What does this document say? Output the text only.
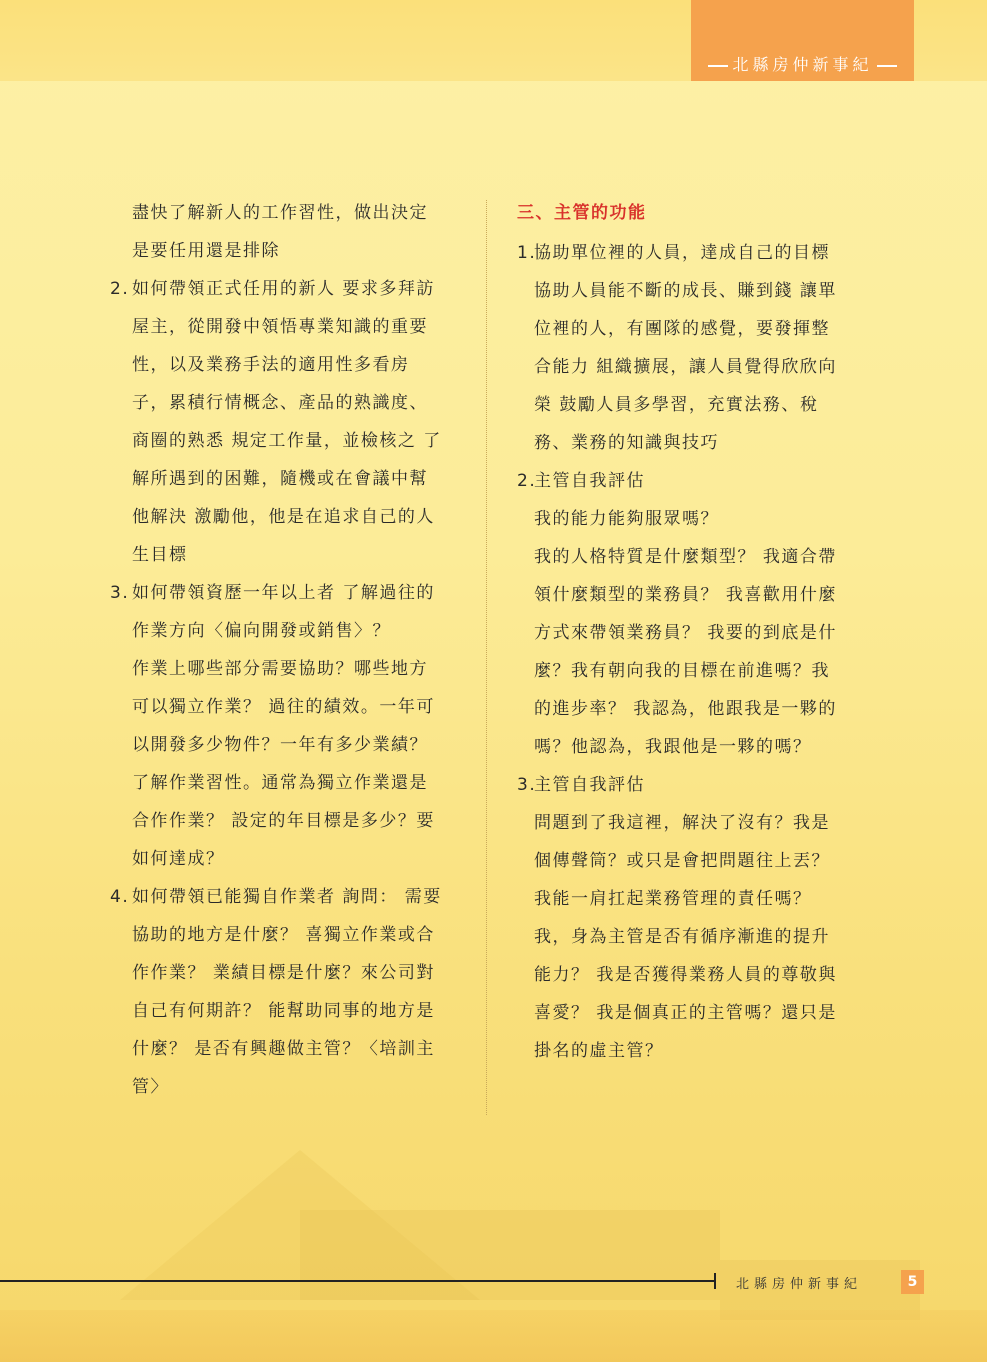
北縣房仲新事紀
盡快了解新人的工作習性，做出決定
是要任用還是排除
2. 如何帶領正式任用的新人 要求多拜訪
屋主，從開發中領悟專業知識的重要
性，以及業務手法的適用性多看房
子，累積行情概念、產品的熟識度、
商圈的熟悉 規定工作量，並檢核之 了
解所遇到的困難，隨機或在會議中幫
他解決 激勵他，他是在追求自己的人
生目標
3. 如何帶領資歷一年以上者 了解過往的
作業方向〈偏向開發或銷售〉？
作業上哪些部分需要協助？哪些地方
可以獨立作業？ 過往的績效。一年可
以開發多少物件？一年有多少業績？
了解作業習性。通常為獨立作業還是
合作作業？ 設定的年目標是多少？要
如何達成？
4. 如何帶領已能獨自作業者 詢問： 需要
協助的地方是什麼？ 喜獨立作業或合
作作業？ 業績目標是什麼？來公司對
自己有何期許？ 能幫助同事的地方是
什麼？ 是否有興趣做主管？〈培訓主
管〉
三、主管的功能
1.協助單位裡的人員，達成自己的目標
協助人員能不斷的成長、賺到錢 讓單
位裡的人，有團隊的感覺，要發揮整
合能力 組織擴展，讓人員覺得欣欣向
榮 鼓勵人員多學習，充實法務、稅
務、業務的知識與技巧
2.主管自我評估
我的能力能夠服眾嗎？
我的人格特質是什麼類型？ 我適合帶
領什麼類型的業務員？ 我喜歡用什麼
方式來帶領業務員？ 我要的到底是什
麼？我有朝向我的目標在前進嗎？我
的進步率？ 我認為，他跟我是一夥的
嗎？他認為，我跟他是一夥的嗎？
3.主管自我評估
問題到了我這裡，解決了沒有？我是
個傳聲筒？或只是會把問題往上丟？
我能一肩扛起業務管理的責任嗎？
我，身為主管是否有循序漸進的提升
能力？ 我是否獲得業務人員的尊敬與
喜愛？ 我是個真正的主管嗎？還只是
掛名的虛主管？
北縣房仲新事紀	5
